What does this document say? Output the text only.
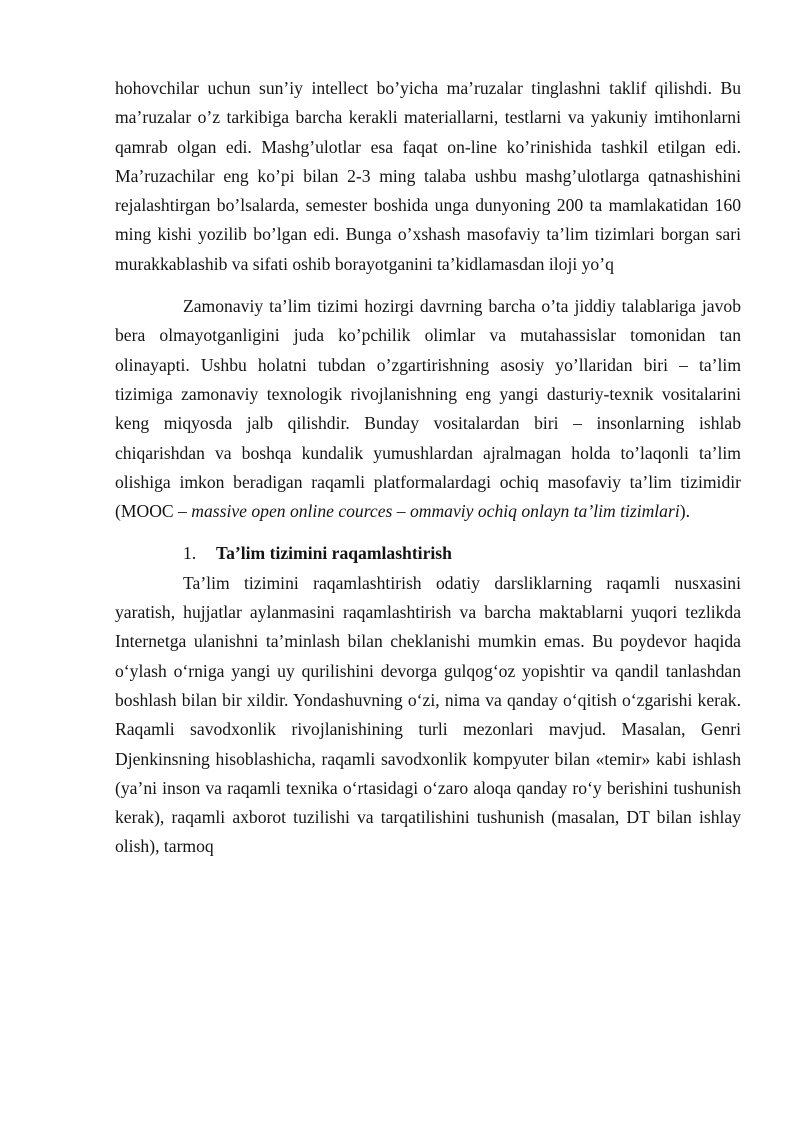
hohovchilar uchun sun’iy intellect bo’yicha ma’ruzalar tinglashni taklif qilishdi. Bu ma’ruzalar o’z tarkibiga barcha kerakli materiallarni, testlarni va yakuniy imtihonlarni qamrab olgan edi. Mashg’ulotlar esa faqat on-line ko’rinishida tashkil etilgan edi. Ma’ruzachilar eng ko’pi bilan 2-3 ming talaba ushbu mashg’ulotlarga qatnashishini rejalashtirgan bo’lsalarda, semester boshida unga dunyoning 200 ta mamlakatidan 160 ming kishi yozilib bo’lgan edi. Bunga o’xshash masofaviy ta’lim tizimlari borgan sari murakkablashib va sifati oshib borayotganini ta’kidlamasdan iloji yo’q

Zamonaviy ta’lim tizimi hozirgi davrning barcha o’ta jiddiy talablariga javob bera olmayotganligini juda ko’pchilik olimlar va mutahassislar tomonidan tan olinayapti. Ushbu holatni tubdan o’zgartirishning asosiy yo’llaridan biri – ta’lim tizimiga zamonaviy texnologik rivojlanishning eng yangi dasturiy-texnik vositalarini keng miqyosda jalb qilishdir. Bunday vositalardan biri – insonlarning ishlab chiqarishdan va boshqa kundalik yumushlardan ajralmagan holda to’laqonli ta’lim olishiga imkon beradigan raqamli platformalardagi ochiq masofaviy ta’lim tizimidir (MOOC – massive open online cources – ommaviy ochiq onlayn ta’lim tizimlari).

1. Ta’lim tizimini raqamlashtirish

Ta’lim tizimini raqamlashtirish odatiy darsliklarning raqamli nusxasini yaratish, hujjatlar aylanmasini raqamlashtirish va barcha maktablarni yuqori tezlikda Internetga ulanishni ta’minlash bilan cheklanishi mumkin emas. Bu poydevor haqida o‘ylash o‘rniga yangi uy qurilishini devorga gulqog‘oz yopishtir va qandil tanlashdan boshlash bilan bir xildir. Yondashuvning o‘zi, nima va qanday o‘qitish o‘zgarishi kerak. Raqamli savodxonlik rivojlanishining turli mezonlari mavjud. Masalan, Genri Djenkinsning hisoblashicha, raqamli savodxonlik kompyuter bilan «temir» kabi ishlash (ya’ni inson va raqamli texnika o‘rtasidagi o‘zaro aloqa qanday ro‘y berishini tushunish kerak), raqamli axborot tuzilishi va tarqatilishini tushunish (masalan, DT bilan ishlay olish), tarmoq
